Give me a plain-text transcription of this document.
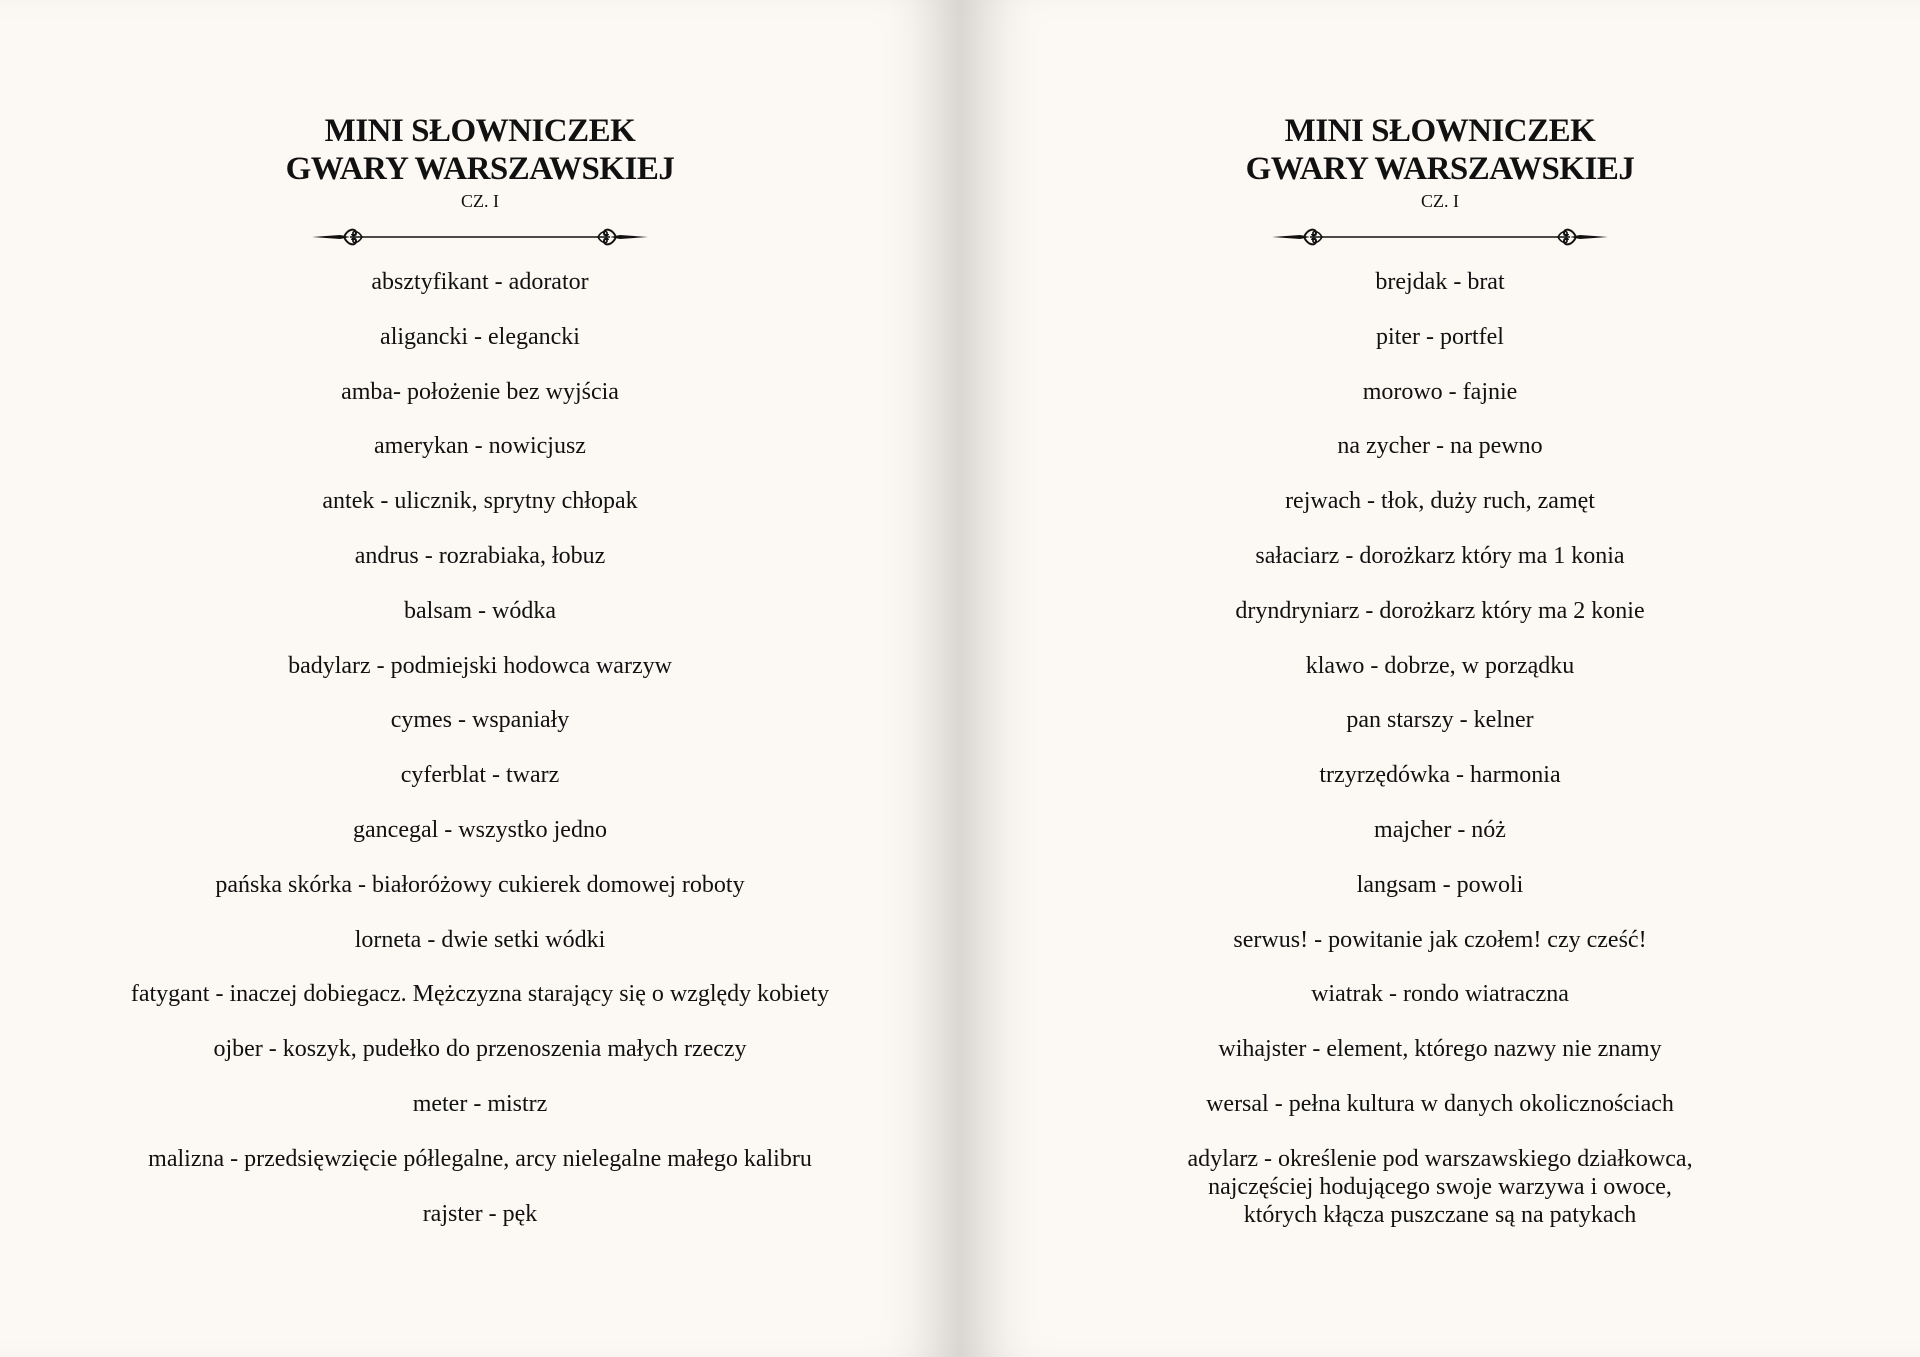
MINI SŁOWNICZEK
GWARY WARSZAWSKIEJ
CZ. I
absztyfikant - adorator
aligancki - elegancki
amba- położenie bez wyjścia
amerykan - nowicjusz
antek - ulicznik, sprytny chłopak
andrus - rozrabiaka, łobuz
balsam - wódka
badylarz - podmiejski hodowca warzyw
cymes - wspaniały
cyferblat - twarz
gancegal - wszystko jedno
pańska skórka - białoróżowy cukierek domowej roboty
lorneta - dwie setki wódki
fatygant - inaczej dobiegacz. Mężczyzna starający się o względy kobiety
ojber - koszyk, pudełko do przenoszenia małych rzeczy
meter - mistrz
malizna - przedsięwzięcie półlegalne, arcy nielegalne małego kalibru
rajster - pęk
MINI SŁOWNICZEK
GWARY WARSZAWSKIEJ
CZ. I
brejdak - brat
piter - portfel
morowo - fajnie
na zycher - na pewno
rejwach - tłok, duży ruch, zamęt
sałaciarz - dorożkarz który ma 1 konia
dryndryniarz - dorożkarz który ma 2 konie
klawo - dobrze, w porządku
pan starszy - kelner
trzyrzędówka - harmonia
majcher - nóż
langsam - powoli
serwus! - powitanie jak czołem! czy cześć!
wiatrak - rondo wiatraczna
wihajster - element, którego nazwy nie znamy
wersal - pełna kultura w danych okolicznościach
adylarz - określenie pod warszawskiego działkowca,
najczęściej hodującego swoje warzywa i owoce,
których kłącza puszczane są na patykach
